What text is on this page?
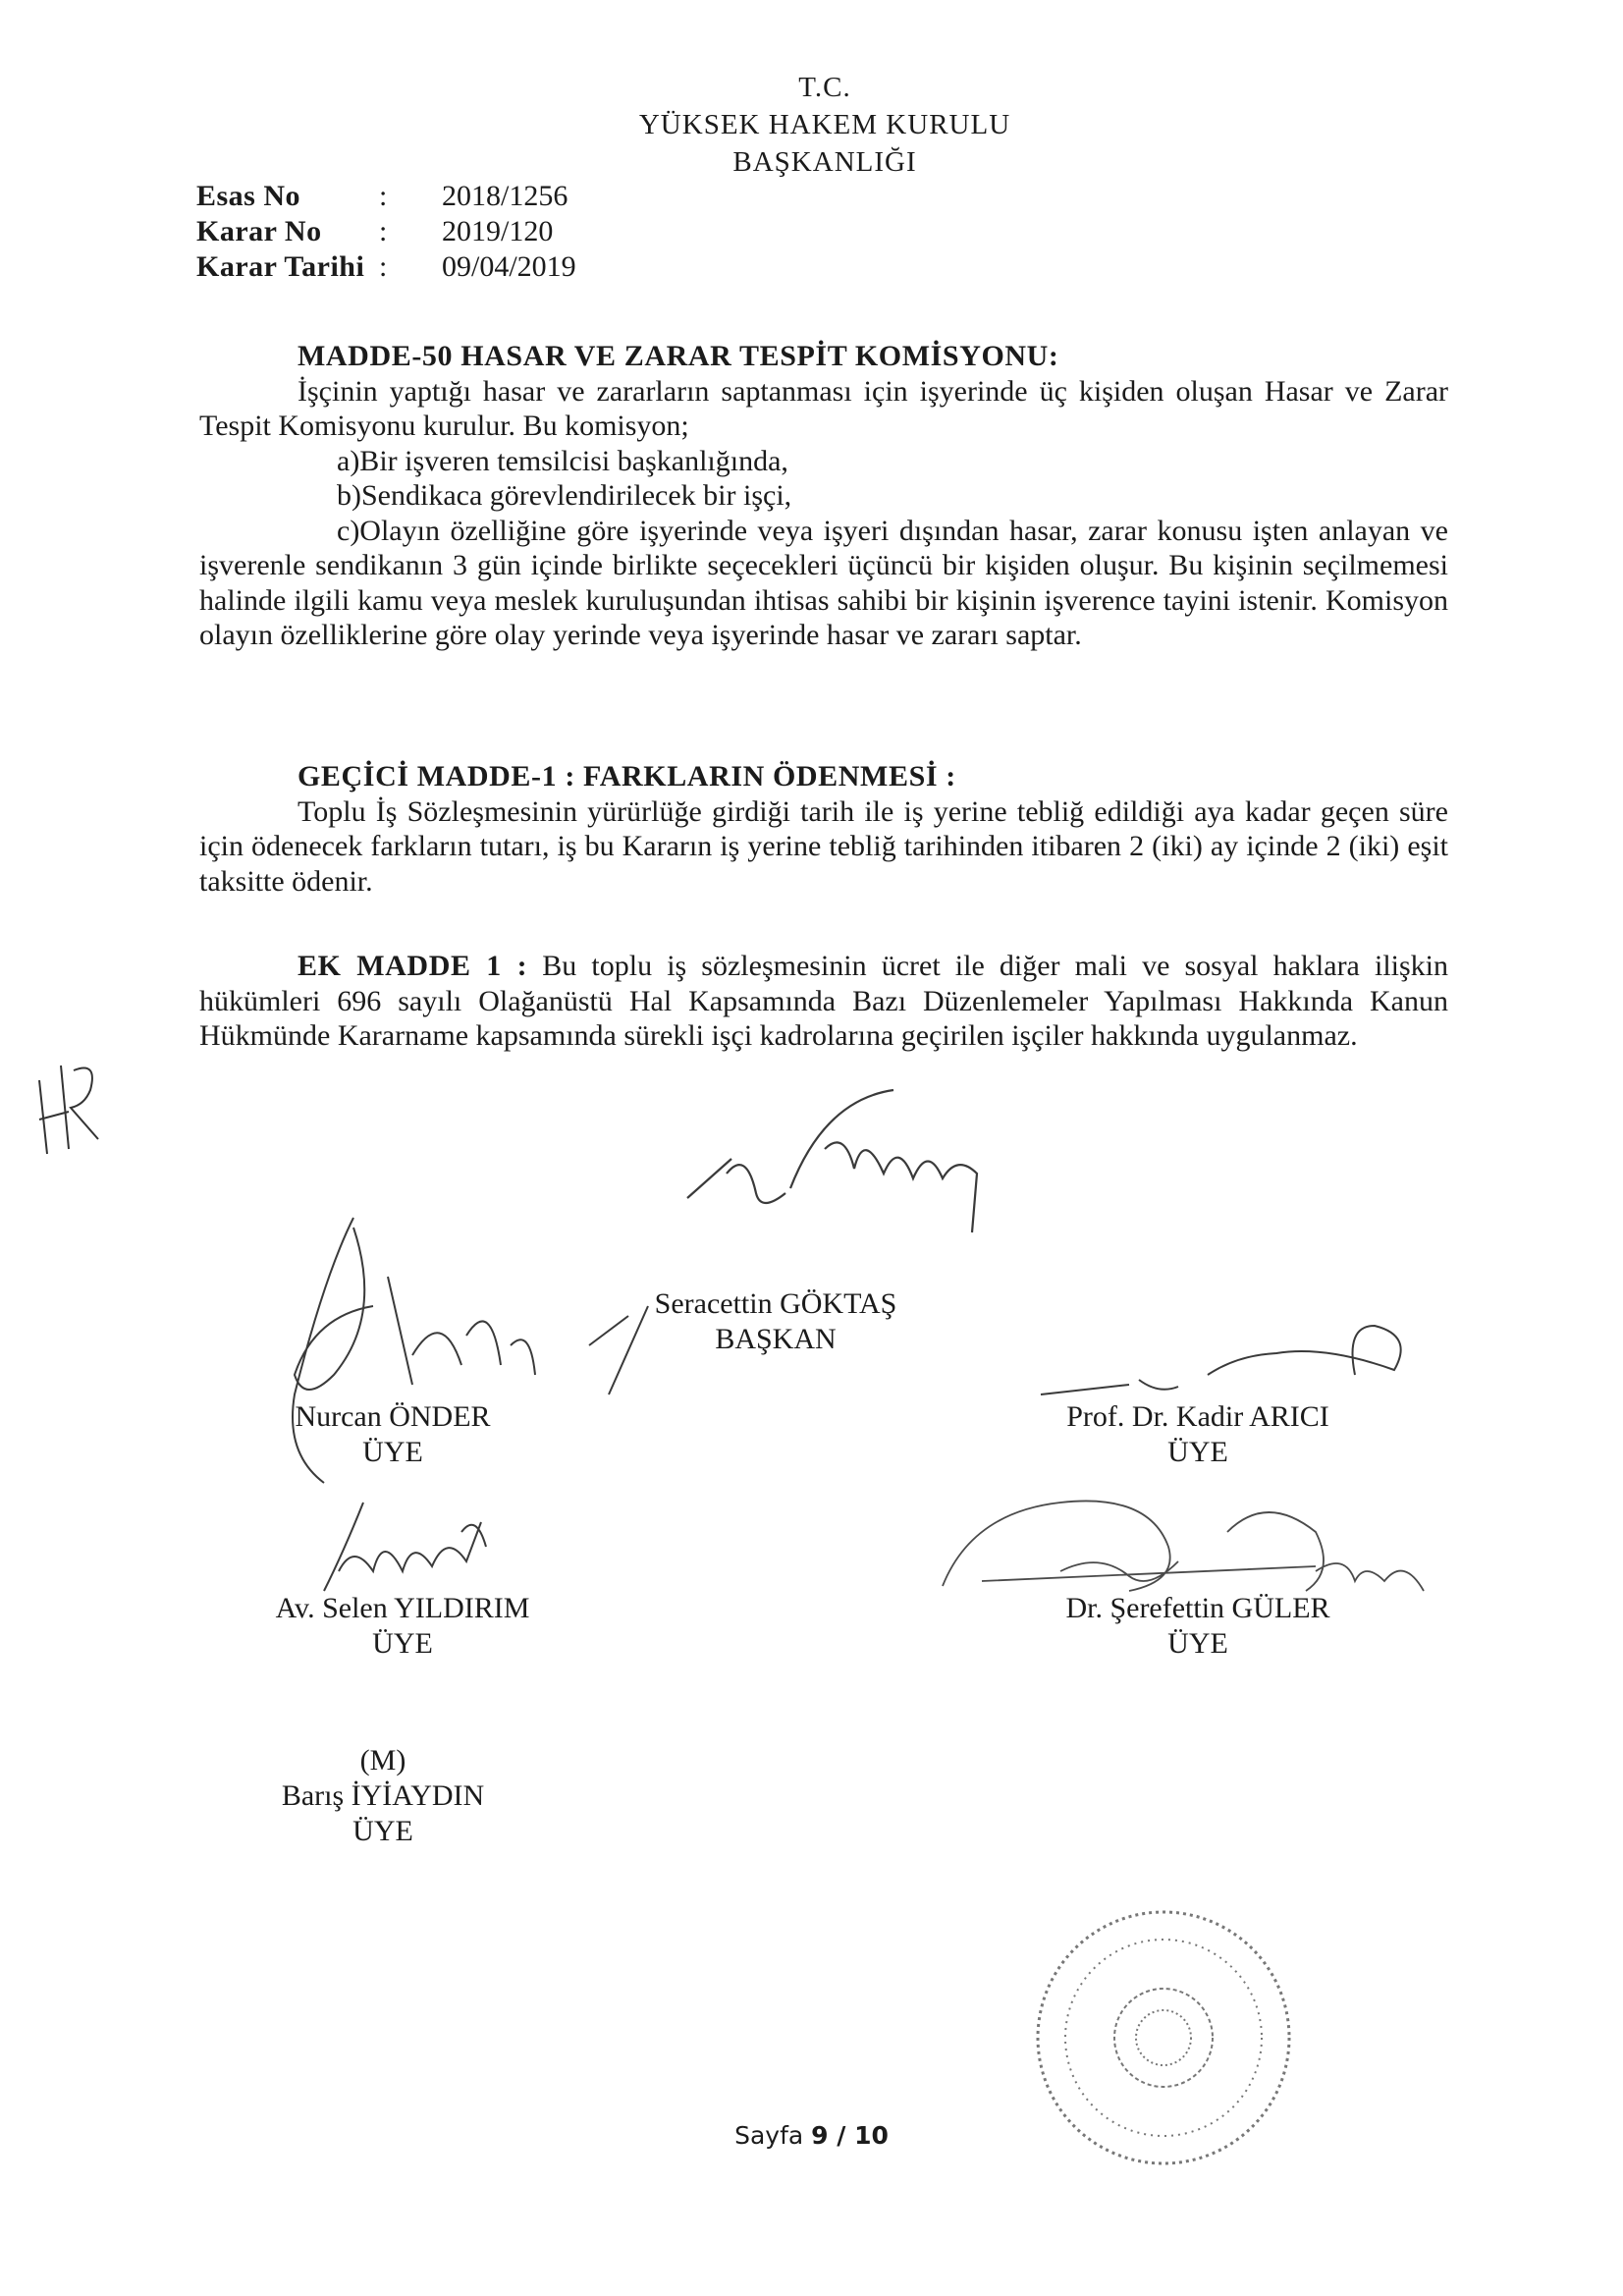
T.C.
YÜKSEK HAKEM KURULU
BAŞKANLIĞI
Esas No	:	2018/1256
Karar No	:	2019/120
Karar Tarihi :	09/04/2019
MADDE-50 HASAR VE ZARAR TESPİT KOMİSYONU:
İşçinin yaptığı hasar ve zararların saptanması için işyerinde üç kişiden oluşan Hasar ve Zarar Tespit Komisyonu kurulur. Bu komisyon;
a)Bir işveren temsilcisi başkanlığında,
b)Sendikaca görevlendirilecek bir işçi,
c)Olayın özelliğine göre işyerinde veya işyeri dışından hasar, zarar konusu işten anlayan ve işverenle sendikanın 3 gün içinde birlikte seçecekleri üçüncü bir kişiden oluşur. Bu kişinin seçilmemesi halinde ilgili kamu veya meslek kuruluşundan ihtisas sahibi bir kişinin işverence tayini istenir. Komisyon olayın özelliklerine göre olay yerinde veya işyerinde hasar ve zararı saptar.
GEÇİCİ MADDE-1 : FARKLARIN ÖDENMESİ :
Toplu İş Sözleşmesinin yürürlüğe girdiği tarih ile iş yerine tebliğ edildiği aya kadar geçen süre için ödenecek farkların tutarı, iş bu Kararın iş yerine tebliğ tarihinden itibaren 2 (iki) ay içinde 2 (iki) eşit taksitte ödenir.
EK MADDE 1 : Bu toplu iş sözleşmesinin ücret ile diğer mali ve sosyal haklara ilişkin hükümleri 696 sayılı Olağanüstü Hal Kapsamında Bazı Düzenlemeler Yapılması Hakkında Kanun Hükmünde Kararname kapsamında sürekli işçi kadrolarına geçirilen işçiler hakkında uygulanmaz.
Seracettin GÖKTAŞ
BAŞKAN
Nurcan ÖNDER
ÜYE
Prof. Dr. Kadir ARICI
ÜYE
Av. Selen YILDIRIM
ÜYE
Dr. Şerefettin GÜLER
ÜYE
(M)
Barış İYİAYDIN
ÜYE
Sayfa 9 / 10
